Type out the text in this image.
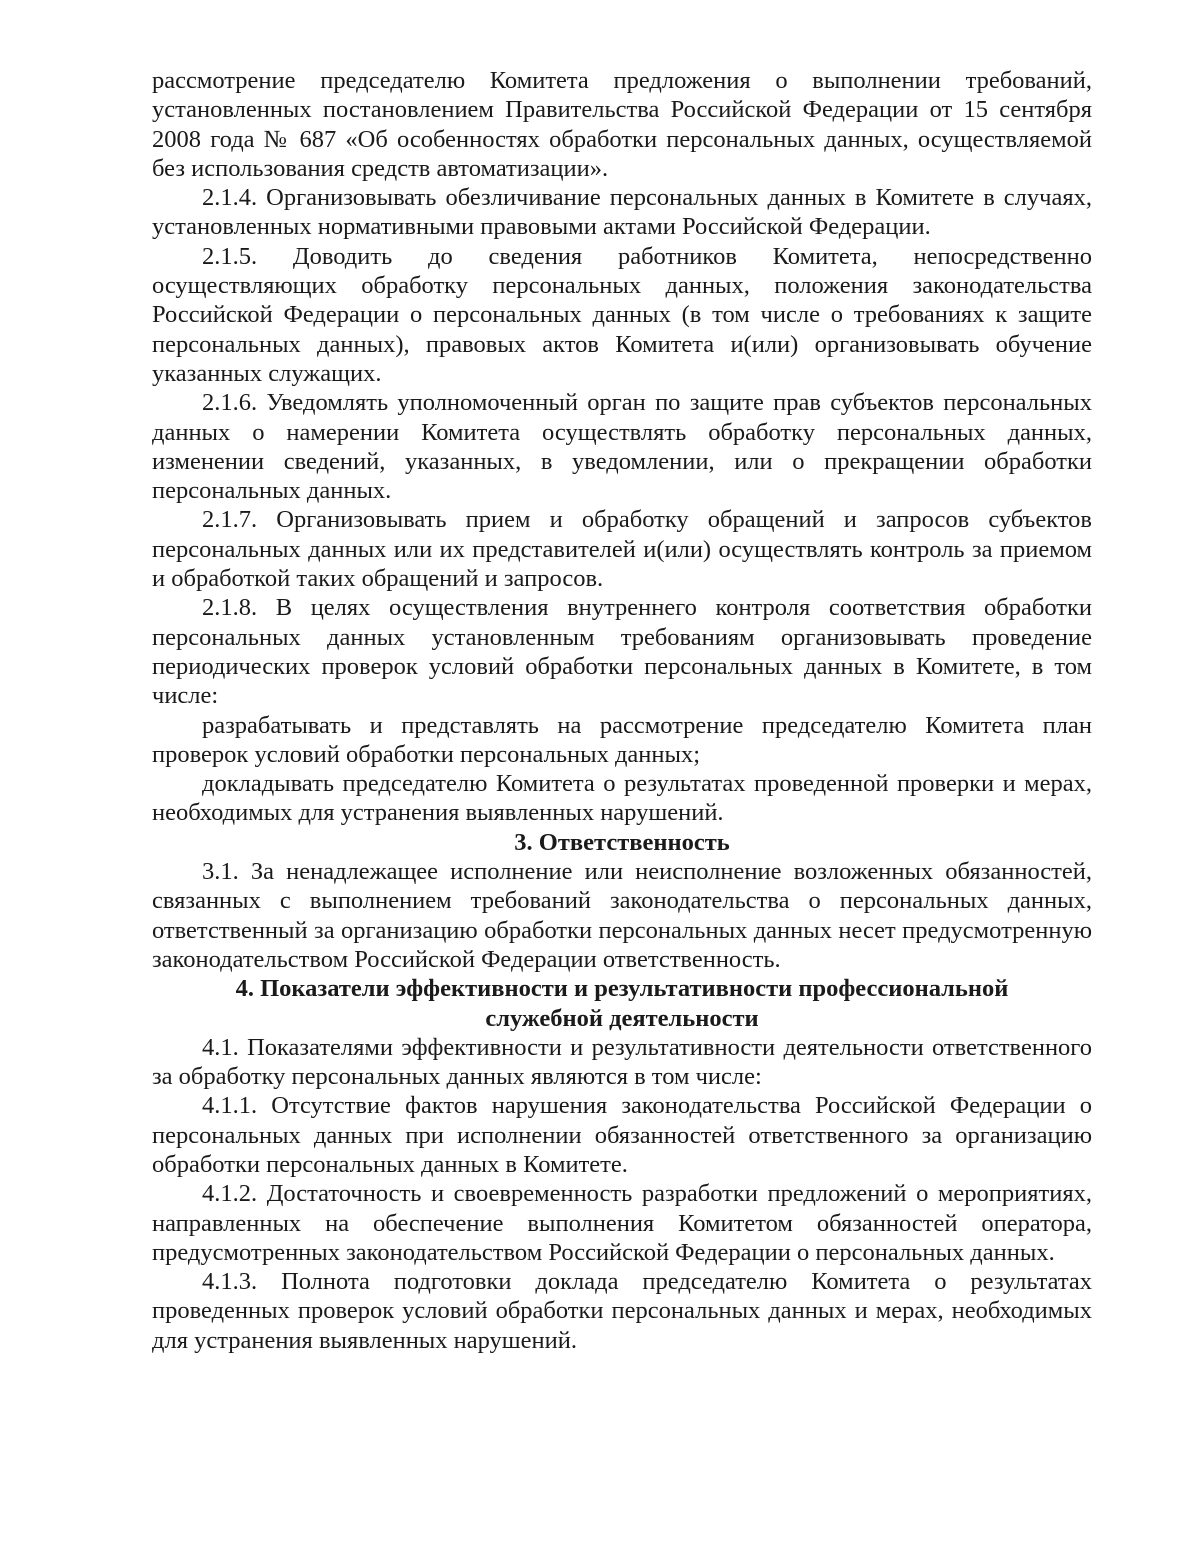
рассмотрение председателю Комитета предложения о выполнении требований, установленных постановлением Правительства Российской Федерации от 15 сентября 2008 года № 687 «Об особенностях обработки персональных данных, осуществляемой без использования средств автоматизации».

2.1.4. Организовывать обезличивание персональных данных в Комитете в случаях, установленных нормативными правовыми актами Российской Федерации.

2.1.5. Доводить до сведения работников Комитета, непосредственно осуществляющих обработку персональных данных, положения законодательства Российской Федерации о персональных данных (в том числе о требованиях к защите персональных данных), правовых актов Комитета и(или) организовывать обучение указанных служащих.

2.1.6. Уведомлять уполномоченный орган по защите прав субъектов персональных данных о намерении Комитета осуществлять обработку персональных данных, изменении сведений, указанных, в уведомлении, или о прекращении обработки персональных данных.

2.1.7. Организовывать прием и обработку обращений и запросов субъектов персональных данных или их представителей и(или) осуществлять контроль за приемом и обработкой таких обращений и запросов.

2.1.8. В целях осуществления внутреннего контроля соответствия обработки персональных данных установленным требованиям организовывать проведение периодических проверок условий обработки персональных данных в Комитете, в том числе:

разрабатывать и представлять на рассмотрение председателю Комитета план проверок условий обработки персональных данных;

докладывать председателю Комитета о результатах проведенной проверки и мерах, необходимых для устранения выявленных нарушений.

3. Ответственность

3.1. За ненадлежащее исполнение или неисполнение возложенных обязанностей, связанных с выполнением требований законодательства о персональных данных, ответственный за организацию обработки персональных данных несет предусмотренную законодательством Российской Федерации ответственность.

4. Показатели эффективности и результативности профессиональной

служебной деятельности

4.1. Показателями эффективности и результативности деятельности ответственного за обработку персональных данных являются в том числе:

4.1.1. Отсутствие фактов нарушения законодательства Российской Федерации о персональных данных при исполнении обязанностей ответственного за организацию обработки персональных данных в Комитете.

4.1.2. Достаточность и своевременность разработки предложений о мероприятиях, направленных на обеспечение выполнения Комитетом обязанностей оператора, предусмотренных законодательством Российской Федерации о персональных данных.

4.1.3. Полнота подготовки доклада председателю Комитета о результатах проведенных проверок условий обработки персональных данных и мерах, необходимых для устранения выявленных нарушений.
